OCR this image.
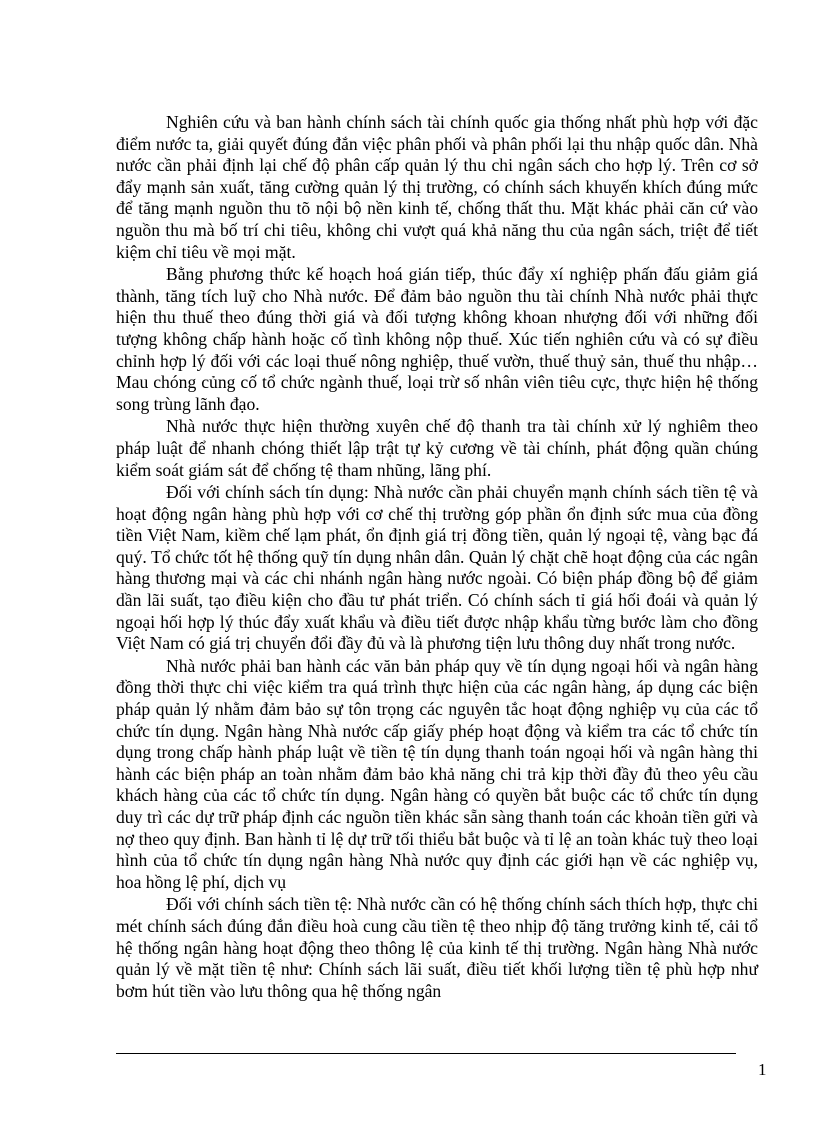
Nghiên cứu và ban hành chính sách tài chính quốc gia thống nhất phù hợp với đặc điểm nước ta, giải quyết đúng đắn việc phân phối và phân phối lại thu nhập quốc dân. Nhà nước cần phải định lại chế độ phân cấp quản lý thu chi ngân sách cho hợp lý. Trên cơ sở đẩy mạnh sản xuất, tăng cường quản lý thị trường, có chính sách khuyến khích đúng mức để tăng mạnh nguồn thu tõ nội bộ nền kinh tế, chống thất thu. Mặt khác phải căn cứ vào nguồn thu mà bố trí chi tiêu, không chi vượt quá khả năng thu của ngân sách, triệt để tiết kiệm chỉ tiêu về mọi mặt.

Bằng phương thức kế hoạch hoá gián tiếp, thúc đẩy xí nghiệp phấn đấu giảm giá thành, tăng tích luỹ cho Nhà nước. Để đảm bảo nguồn thu tài chính Nhà nước phải thực hiện thu thuế theo đúng thời giá và đối tượng không khoan nhượng đối với những đối tượng không chấp hành hoặc cố tình không nộp thuế. Xúc tiến nghiên cứu và có sự điều chỉnh hợp lý đối với các loại thuế nông nghiệp, thuế vườn, thuế thuỷ sản, thuế thu nhập… Mau chóng củng cố tổ chức ngành thuế, loại trừ số nhân viên tiêu cực, thực hiện hệ thống song trùng lãnh đạo.

Nhà nước thực hiện thường xuyên chế độ thanh tra tài chính xử lý nghiêm theo pháp luật để nhanh chóng thiết lập trật tự kỷ cương về tài chính, phát động quần chúng kiểm soát giám sát để chống tệ tham nhũng, lãng phí.

Đối với chính sách tín dụng: Nhà nước cần phải chuyển mạnh chính sách tiền tệ và hoạt động ngân hàng phù hợp với cơ chế thị trường góp phần ổn định sức mua của đồng tiền Việt Nam, kiềm chế lạm phát, ổn định giá trị đồng tiền, quản lý ngoại tệ, vàng bạc đá quý. Tổ chức tốt hệ thống quỹ tín dụng nhân dân. Quản lý chặt chẽ hoạt động của các ngân hàng thương mại và các chi nhánh ngân hàng nước ngoài. Có biện pháp đồng bộ để giảm dần lãi suất, tạo điều kiện cho đầu tư phát triển. Có chính sách tỉ giá hối đoái và quản lý ngoại hối hợp lý thúc đẩy xuất khẩu và điều tiết được nhập khẩu từng bước làm cho đồng Việt Nam có giá trị chuyển đổi đầy đủ và là phương tiện lưu thông duy nhất trong nước.

Nhà nước phải ban hành các văn bản pháp quy về tín dụng ngoại hối và ngân hàng đồng thời thực chi việc kiểm tra quá trình thực hiện của các ngân hàng, áp dụng các biện pháp quản lý nhằm đảm bảo sự tôn trọng các nguyên tắc hoạt động nghiệp vụ của các tổ chức tín dụng. Ngân hàng Nhà nước cấp giấy phép hoạt động và kiểm tra các tổ chức tín dụng trong chấp hành pháp luật về tiền tệ tín dụng thanh toán ngoại hối và ngân hàng thi hành các biện pháp an toàn nhằm đảm bảo khả năng chi trả kịp thời đầy đủ theo yêu cầu khách hàng của các tổ chức tín dụng. Ngân hàng có quyền bắt buộc các tổ chức tín dụng duy trì các dự trữ pháp định các nguồn tiền khác sẵn sàng thanh toán các khoản tiền gửi và nợ theo quy định. Ban hành tỉ lệ dự trữ tối thiểu bắt buộc và tỉ lệ an toàn khác tuỳ theo loại hình của tổ chức tín dụng ngân hàng Nhà nước quy định các giới hạn về các nghiệp vụ, hoa hồng lệ phí, dịch vụ

Đối với chính sách tiền tệ: Nhà nước cần có hệ thống chính sách thích hợp, thực chi mét chính sách đúng đắn điều hoà cung cầu tiền tệ theo nhịp độ tăng trưởng kinh tế, cải tổ hệ thống ngân hàng hoạt động theo thông lệ của kinh tế thị trường. Ngân hàng Nhà nước quản lý về mặt tiền tệ như: Chính sách lãi suất, điều tiết khối lượng tiền tệ phù hợp như bơm hút tiền vào lưu thông qua hệ thống ngân

1
